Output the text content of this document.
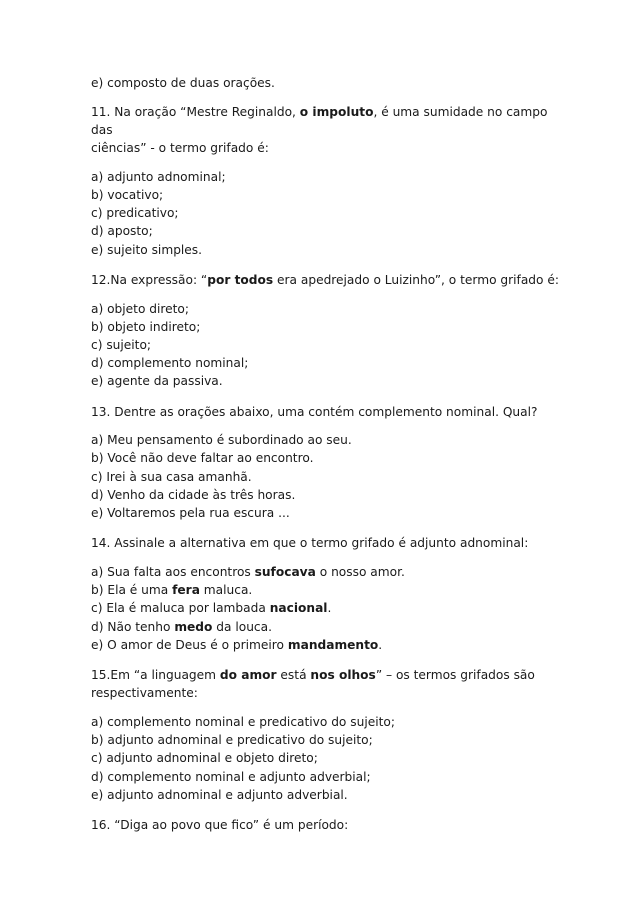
e) composto de duas orações.

11. Na oração “Mestre Reginaldo, o impoluto, é uma sumidade no campo das

ciências” - o termo grifado é:

a) adjunto adnominal;

b) vocativo;

c) predicativo;

d) aposto;

e) sujeito simples.

12.Na expressão: “por todos era apedrejado o Luizinho”, o termo grifado é:

a) objeto direto;

b) objeto indireto;

c) sujeito;

d) complemento nominal;

e) agente da passiva.

13. Dentre as orações abaixo, uma contém complemento nominal. Qual?

a) Meu pensamento é subordinado ao seu.

b) Você não deve faltar ao encontro.

c) Irei à sua casa amanhã.

d) Venho da cidade às três horas.

e) Voltaremos pela rua escura ...

14. Assinale a alternativa em que o termo grifado é adjunto adnominal:

a) Sua falta aos encontros sufocava o nosso amor.

b) Ela é uma fera maluca.

c) Ela é maluca por lambada nacional.

d) Não tenho medo da louca.

e) O amor de Deus é o primeiro mandamento.

15.Em “a linguagem do amor está nos olhos” – os termos grifados são

respectivamente:

a) complemento nominal e predicativo do sujeito;

b) adjunto adnominal e predicativo do sujeito;

c) adjunto adnominal e objeto direto;

d) complemento nominal e adjunto adverbial;

e) adjunto adnominal e adjunto adverbial.

16. “Diga ao povo que fico” é um período:
